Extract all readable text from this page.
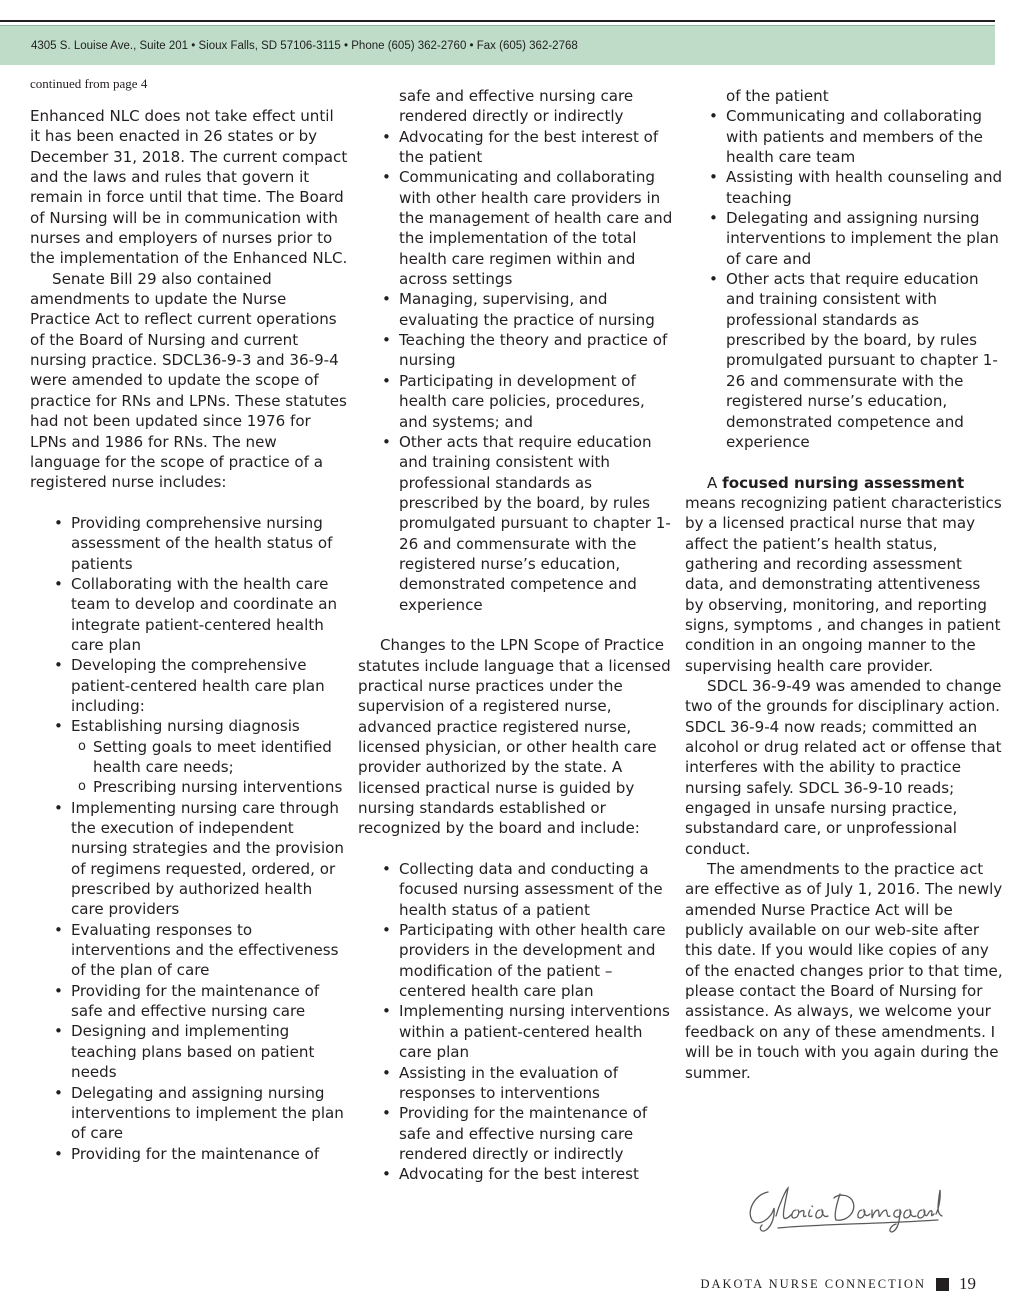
4305 S. Louise Ave., Suite 201 • Sioux Falls, SD 57106-3115 • Phone (605) 362-2760 • Fax (605) 362-2768
continued from page 4

Enhanced NLC does not take effect until it has been enacted in 26 states or by December 31, 2018. The current compact and the laws and rules that govern it remain in force until that time. The Board of Nursing will be in communication with nurses and employers of nurses prior to the implementation of the Enhanced NLC.

Senate Bill 29 also contained amendments to update the Nurse Practice Act to reflect current operations of the Board of Nursing and current nursing practice. SDCL36-9-3 and 36-9-4 were amended to update the scope of practice for RNs and LPNs. These statutes had not been updated since 1976 for LPNs and 1986 for RNs. The new language for the scope of practice of a registered nurse includes:

• Providing comprehensive nursing assessment of the health status of patients
• Collaborating with the health care team to develop and coordinate an integrate patient-centered health care plan
• Developing the comprehensive patient-centered health care plan including:
• Establishing nursing diagnosis
o Setting goals to meet identified health care needs;
o Prescribing nursing interventions
• Implementing nursing care through the execution of independent nursing strategies and the provision of regimens requested, ordered, or prescribed by authorized health care providers
• Evaluating responses to interventions and the effectiveness of the plan of care
• Providing for the maintenance of safe and effective nursing care
• Designing and implementing teaching plans based on patient needs
• Delegating and assigning nursing interventions to implement the plan of care
• Providing for the maintenance of

safe and effective nursing care rendered directly or indirectly

• Advocating for the best interest of the patient
• Communicating and collaborating with other health care providers in the management of health care and the implementation of the total health care regimen within and across settings
• Managing, supervising, and evaluating the practice of nursing
• Teaching the theory and practice of nursing
• Participating in development of health care policies, procedures, and systems; and
• Other acts that require education and training consistent with professional standards as prescribed by the board, by rules promulgated pursuant to chapter 1-26 and commensurate with the registered nurse’s education, demonstrated competence and experience

Changes to the LPN Scope of Practice statutes include language that a licensed practical nurse practices under the supervision of a registered nurse, advanced practice registered nurse, licensed physician, or other health care provider authorized by the state. A licensed practical nurse is guided by nursing standards established or recognized by the board and include:

• Collecting data and conducting a focused nursing assessment of the health status of a patient
• Participating with other health care providers in the development and modification of the patient –centered health care plan
• Implementing nursing interventions within a patient-centered health care plan
• Assisting in the evaluation of responses to interventions
• Providing for the maintenance of safe and effective nursing care rendered directly or indirectly
• Advocating for the best interest

of the patient

• Communicating and collaborating with patients and members of the health care team
• Assisting with health counseling and teaching
• Delegating and assigning nursing interventions to implement the plan of care and
• Other acts that require education and training consistent with professional standards as prescribed by the board, by rules promulgated pursuant to chapter 1-26 and commensurate with the registered nurse’s education, demonstrated competence and experience

A focused nursing assessment means recognizing patient characteristics by a licensed practical nurse that may affect the patient’s health status, gathering and recording assessment data, and demonstrating attentiveness by observing, monitoring, and reporting signs, symptoms , and changes in patient condition in an ongoing manner to the supervising health care provider.

SDCL 36-9-49 was amended to change two of the grounds for disciplinary action. SDCL 36-9-4 now reads; committed an alcohol or drug related act or offense that interferes with the ability to practice nursing safely. SDCL 36-9-10 reads; engaged in unsafe nursing practice, substandard care, or unprofessional conduct.

The amendments to the practice act are effective as of July 1, 2016. The newly amended Nurse Practice Act will be publicly available on our web-site after this date. If you would like copies of any of the enacted changes prior to that time, please contact the Board of Nursing for assistance. As always, we welcome your feedback on any of these amendments. I will be in touch with you again during the summer.

DAKOTA NURSE CONNECTION 19
